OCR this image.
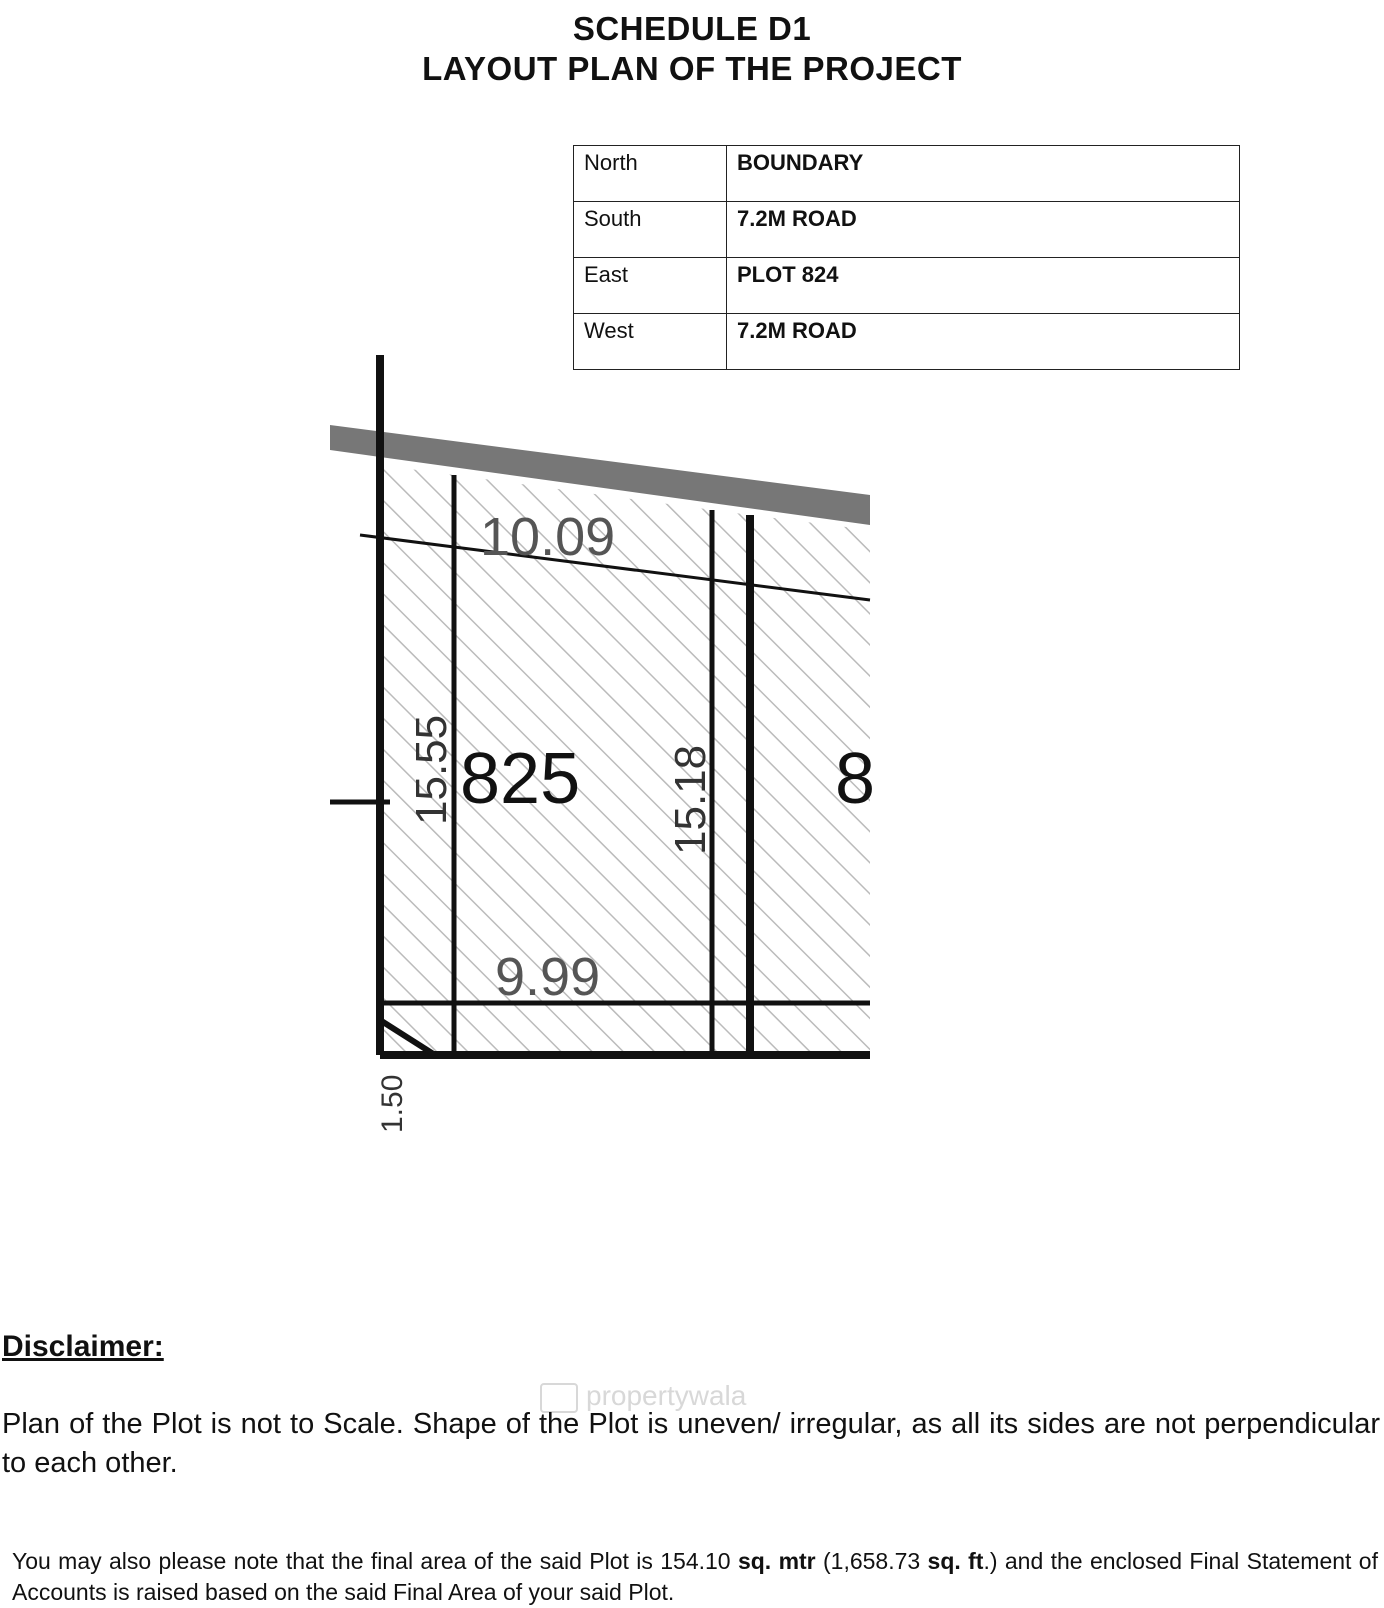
SCHEDULE D1
LAYOUT PLAN OF THE PROJECT
North	BOUNDARY
South	7.2M ROAD
East	PLOT 824
West	7.2M ROAD
10.09
15.55 825 15.18
9.99
1.50
8
propertywala
Disclaimer:
Plan of the Plot is not to Scale. Shape of the Plot is uneven/ irregular, as all its sides are not perpendicular to each other.
You may also please note that the final area of the said Plot is 154.10 sq. mtr (1,658.73 sq. ft.) and the enclosed Final Statement of Accounts is raised based on the said Final Area of your said Plot.
